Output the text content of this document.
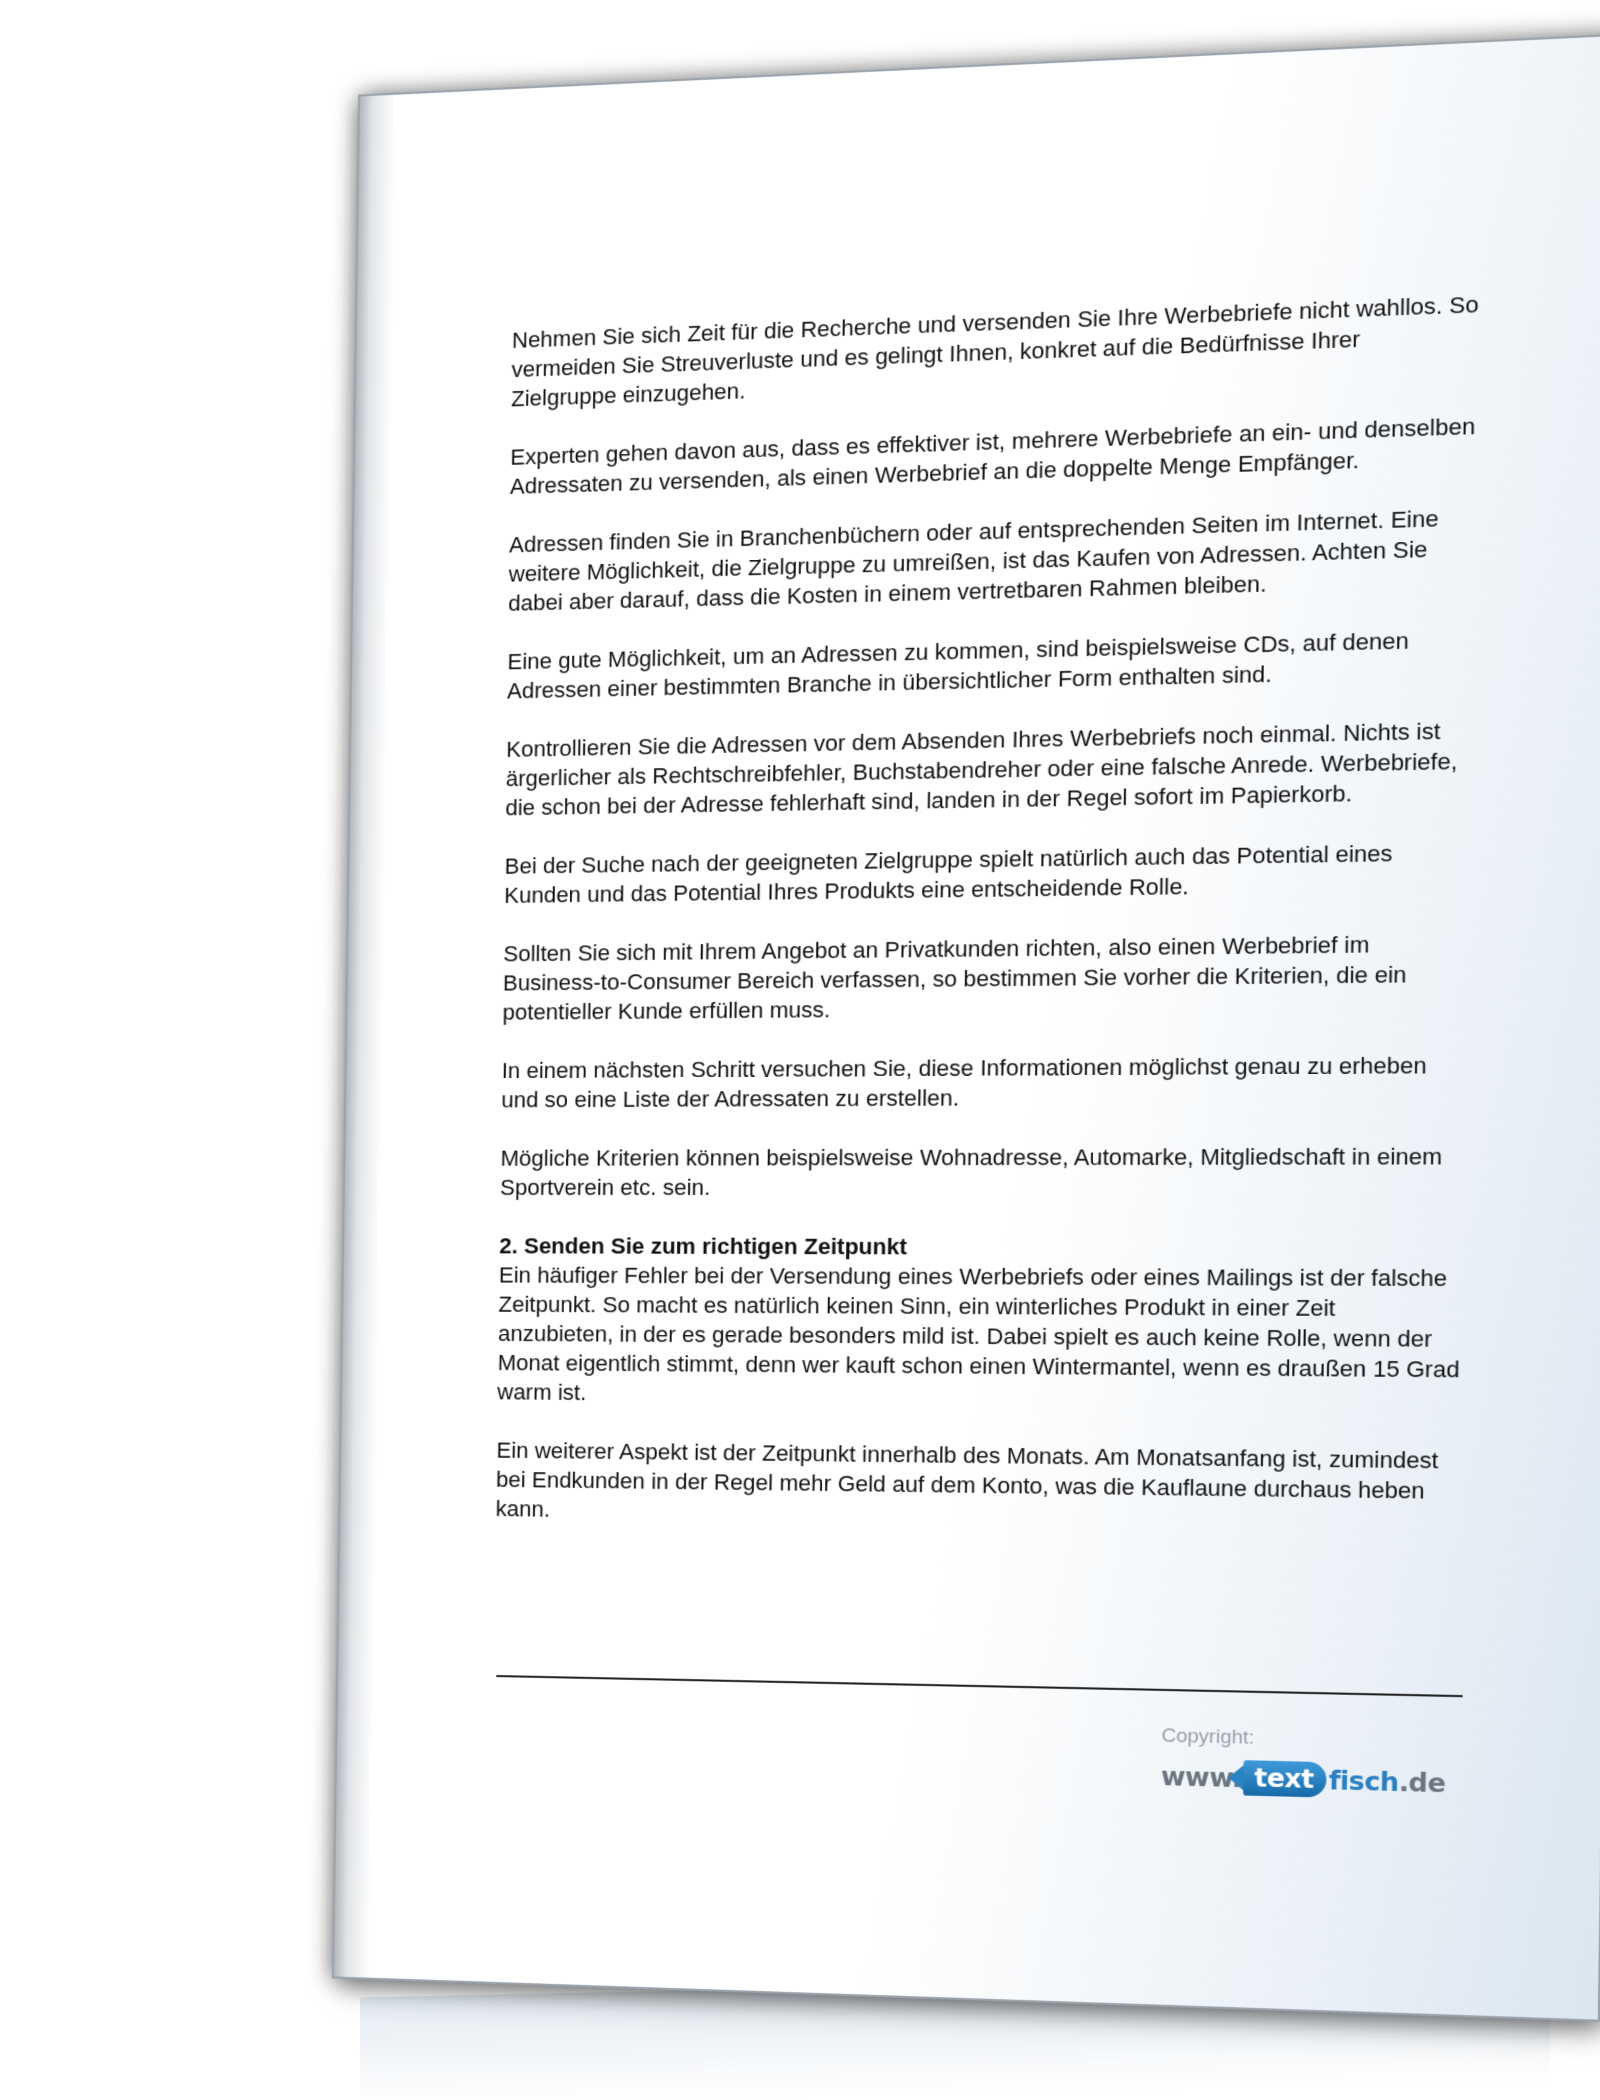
Nehmen Sie sich Zeit für die Recherche und versenden Sie Ihre Werbebriefe nicht wahllos. So vermeiden Sie Streuverluste und es gelingt Ihnen, konkret auf die Bedürfnisse Ihrer Zielgruppe einzugehen.

Experten gehen davon aus, dass es effektiver ist, mehrere Werbebriefe an ein- und denselben Adressaten zu versenden, als einen Werbebrief an die doppelte Menge Empfänger.

Adressen finden Sie in Branchenbüchern oder auf entsprechenden Seiten im Internet. Eine weitere Möglichkeit, die Zielgruppe zu umreißen, ist das Kaufen von Adressen. Achten Sie dabei aber darauf, dass die Kosten in einem vertretbaren Rahmen bleiben.

Eine gute Möglichkeit, um an Adressen zu kommen, sind beispielsweise CDs, auf denen Adressen einer bestimmten Branche in übersichtlicher Form enthalten sind.

Kontrollieren Sie die Adressen vor dem Absenden Ihres Werbebriefs noch einmal. Nichts ist ärgerlicher als Rechtschreibfehler, Buchstabendreher oder eine falsche Anrede. Werbebriefe, die schon bei der Adresse fehlerhaft sind, landen in der Regel sofort im Papierkorb.

Bei der Suche nach der geeigneten Zielgruppe spielt natürlich auch das Potential eines Kunden und das Potential Ihres Produkts eine entscheidende Rolle.

Sollten Sie sich mit Ihrem Angebot an Privatkunden richten, also einen Werbebrief im Business-to-Consumer Bereich verfassen, so bestimmen Sie vorher die Kriterien, die ein potentieller Kunde erfüllen muss.

In einem nächsten Schritt versuchen Sie, diese Informationen möglichst genau zu erheben und so eine Liste der Adressaten zu erstellen.

Mögliche Kriterien können beispielsweise Wohnadresse, Automarke, Mitgliedschaft in einem Sportverein etc. sein.

2. Senden Sie zum richtigen Zeitpunkt

Ein häufiger Fehler bei der Versendung eines Werbebriefs oder eines Mailings ist der falsche Zeitpunkt. So macht es natürlich keinen Sinn, ein winterliches Produkt in einer Zeit anzubieten, in der es gerade besonders mild ist. Dabei spielt es auch keine Rolle, wenn der Monat eigentlich stimmt, denn wer kauft schon einen Wintermantel, wenn es draußen 15 Grad warm ist.

Ein weiterer Aspekt ist der Zeitpunkt innerhalb des Monats. Am Monatsanfang ist, zumindest bei Endkunden in der Regel mehr Geld auf dem Konto, was die Kauflaune durchaus heben kann.

Copyright:
www. text fisch .de
